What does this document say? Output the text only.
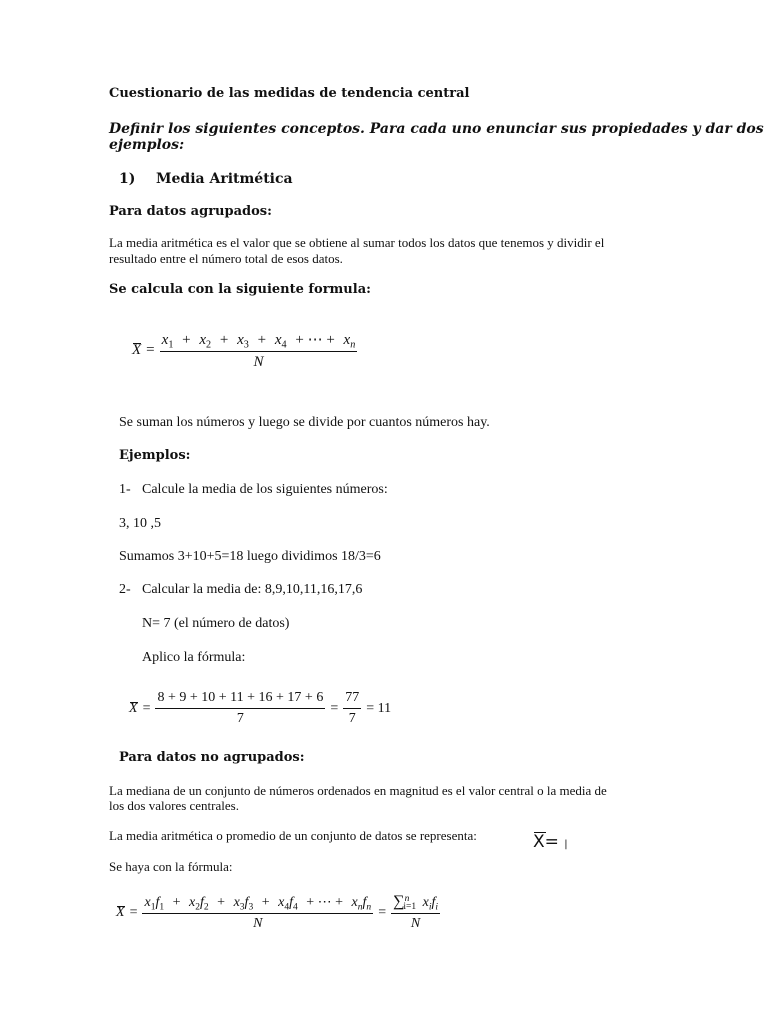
Cuestionario de las medidas de tendencia central
Definir los siguientes conceptos. Para cada uno enunciar sus propiedades y dar dos
ejemplos:
1) Media Aritmética
Para datos agrupados:
La media aritmética es el valor que se obtiene al sumar todos los datos que tenemos y dividir el
resultado entre el número total de esos datos.
Se calcula con la siguiente formula:
X =
$x_1 + x_2 + x_3 + x_4$ + ⋯ + $x_n$
N
Se suman los números y luego se divide por cuantos números hay.
Ejemplos:
1- Calcule la media de los siguientes números:
3, 10 ,5
Sumamos 3+10+5=18 luego dividimos 18/3=6
2- Calcular la media de: 8,9,10,11,16,17,6
N= 7 (el número de datos)
Aplico la fórmula:
$X = \frac{8 + 9 + 10 + 11 + 16 + 17 + 6}{7} = \frac{77}{7} = 11$
Para datos no agrupados:
La mediana de un conjunto de números ordenados en magnitud es el valor central o la media de
los dos valores centrales.
La media aritmética o promedio de un conjunto de datos se representa:	X= |
Se haya con la fórmula:
X =
$x_1f_1 + x_2f_2 + x_3f_3 + x_4f_4$ + ⋯ + $x_nf_n$
N
= $\frac{\sum^n_{i=1} x_if_i}{N}$
